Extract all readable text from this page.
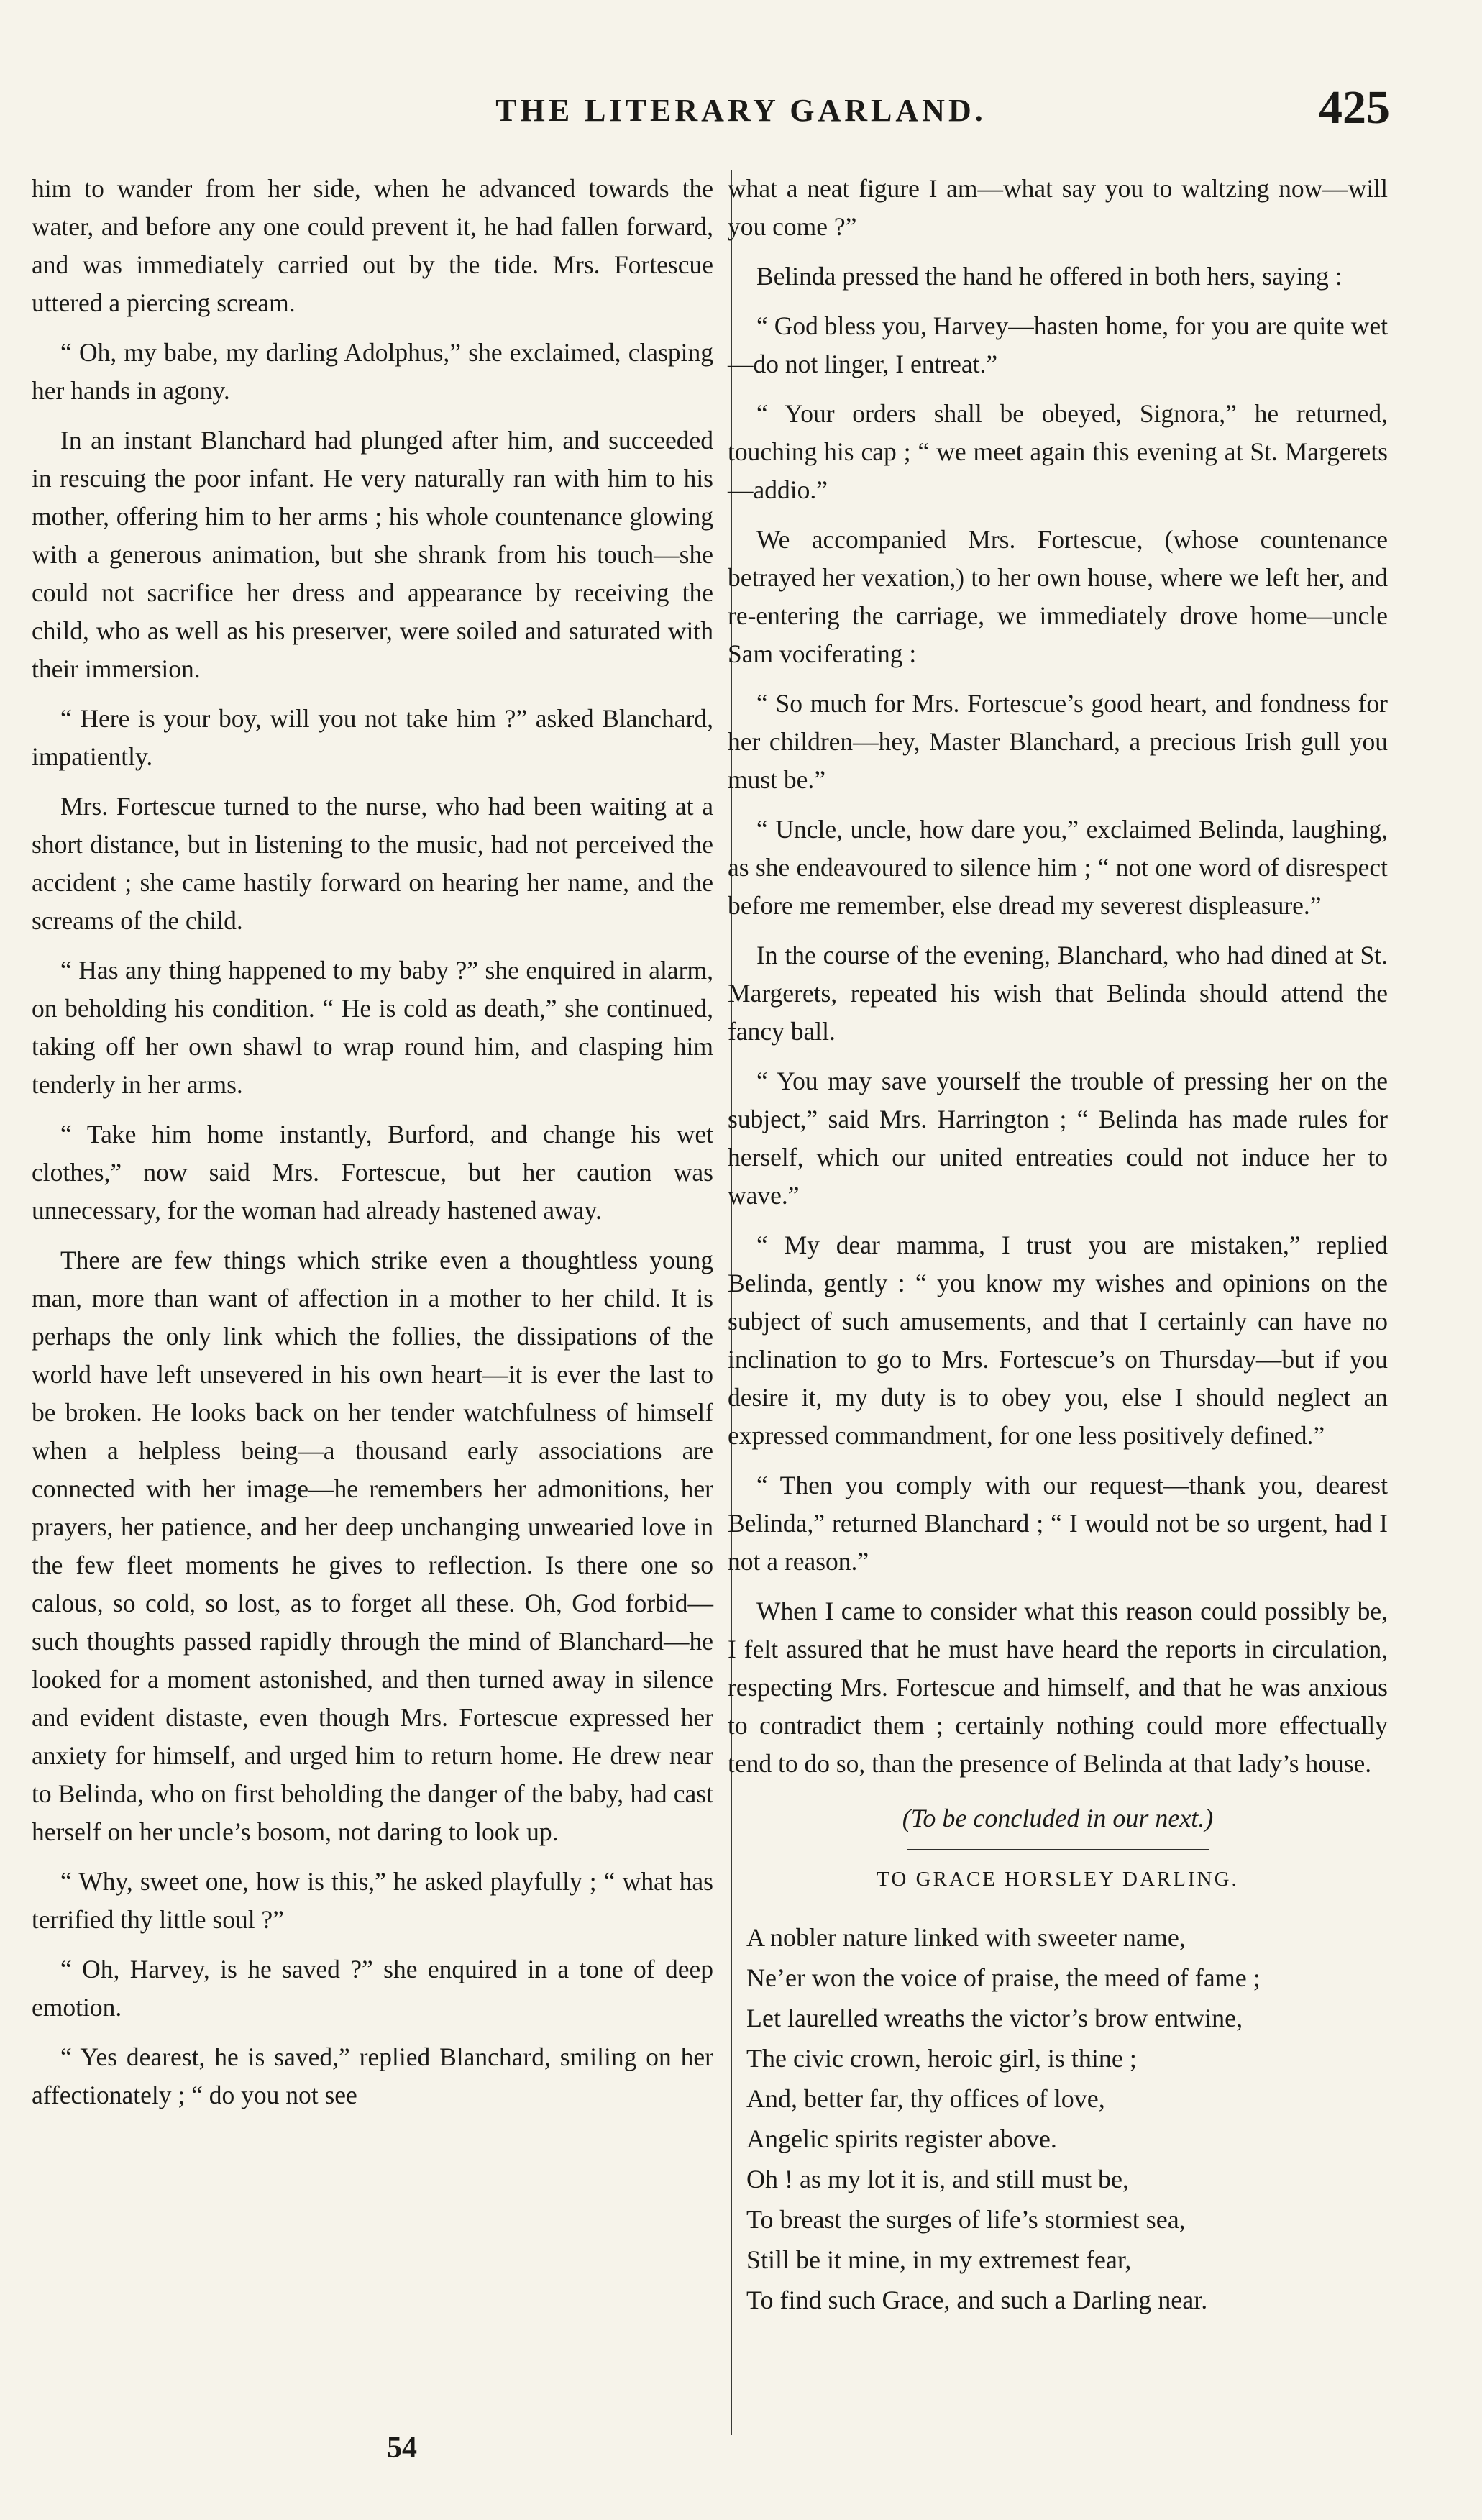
THE LITERARY GARLAND.	425

him to wander from her side, when he advanced towards the water, and before any one could prevent it, he had fallen forward, and was immediately carried out by the tide. Mrs. Fortescue uttered a piercing scream.

“ Oh, my babe, my darling Adolphus,” she exclaimed, clasping her hands in agony.

In an instant Blanchard had plunged after him, and succeeded in rescuing the poor infant. He very naturally ran with him to his mother, offering him to her arms ; his whole countenance glowing with a generous animation, but she shrank from his touch—she could not sacrifice her dress and appearance by receiving the child, who as well as his preserver, were soiled and saturated with their immersion.

“ Here is your boy, will you not take him ?” asked Blanchard, impatiently.

Mrs. Fortescue turned to the nurse, who had been waiting at a short distance, but in listening to the music, had not perceived the accident ; she came hastily forward on hearing her name, and the screams of the child.

“ Has any thing happened to my baby ?” she enquired in alarm, on beholding his condition. “ He is cold as death,” she continued, taking off her own shawl to wrap round him, and clasping him tenderly in her arms.

“ Take him home instantly, Burford, and change his wet clothes,” now said Mrs. Fortescue, but her caution was unnecessary, for the woman had already hastened away.

There are few things which strike even a thoughtless young man, more than want of affection in a mother to her child. It is perhaps the only link which the follies, the dissipations of the world have left unsevered in his own heart—it is ever the last to be broken. He looks back on her tender watchfulness of himself when a helpless being—a thousand early associations are connected with her image—he remembers her admonitions, her prayers, her patience, and her deep unchanging unwearied love in the few fleet moments he gives to reflection. Is there one so calous, so cold, so lost, as to forget all these. Oh, God forbid—such thoughts passed rapidly through the mind of Blanchard—he looked for a moment astonished, and then turned away in silence and evident distaste, even though Mrs. Fortescue expressed her anxiety for himself, and urged him to return home. He drew near to Belinda, who on first beholding the danger of the baby, had cast herself on her uncle’s bosom, not daring to look up.

“ Why, sweet one, how is this,” he asked playfully ; “ what has terrified thy little soul ?”

“ Oh, Harvey, is he saved ?” she enquired in a tone of deep emotion.

“ Yes dearest, he is saved,” replied Blanchard, smiling on her affectionately ; “ do you not see

what a neat figure I am—what say you to waltzing now—will you come ?”

Belinda pressed the hand he offered in both hers, saying :

“ God bless you, Harvey—hasten home, for you are quite wet—do not linger, I entreat.”

“ Your orders shall be obeyed, Signora,” he returned, touching his cap ; “ we meet again this evening at St. Margerets—addio.”

We accompanied Mrs. Fortescue, (whose countenance betrayed her vexation,) to her own house, where we left her, and re-entering the carriage, we immediately drove home—uncle Sam vociferating :

“ So much for Mrs. Fortescue’s good heart, and fondness for her children—hey, Master Blanchard, a precious Irish gull you must be.”

“ Uncle, uncle, how dare you,” exclaimed Belinda, laughing, as she endeavoured to silence him ; “ not one word of disrespect before me remember, else dread my severest displeasure.”

In the course of the evening, Blanchard, who had dined at St. Margerets, repeated his wish that Belinda should attend the fancy ball.

“ You may save yourself the trouble of pressing her on the subject,” said Mrs. Harrington ; “ Belinda has made rules for herself, which our united entreaties could not induce her to wave.”

“ My dear mamma, I trust you are mistaken,” replied Belinda, gently : “ you know my wishes and opinions on the subject of such amusements, and that I certainly can have no inclination to go to Mrs. Fortescue’s on Thursday—but if you desire it, my duty is to obey you, else I should neglect an expressed commandment, for one less positively defined.”

“ Then you comply with our request—thank you, dearest Belinda,” returned Blanchard ; “ I would not be so urgent, had I not a reason.”

When I came to consider what this reason could possibly be, I felt assured that he must have heard the reports in circulation, respecting Mrs. Fortescue and himself, and that he was anxious to contradict them ; certainly nothing could more effectually tend to do so, than the presence of Belinda at that lady’s house.

(To be concluded in our next.)
TO GRACE HORSLEY DARLING.
A nobler nature linked with sweeter name,
Ne’er won the voice of praise, the meed of fame ;
Let laurelled wreaths the victor’s brow entwine,
The civic crown, heroic girl, is thine ;
And, better far, thy offices of love,
Angelic spirits register above.
Oh ! as my lot it is, and still must be,
To breast the surges of life’s stormiest sea,
Still be it mine, in my extremest fear,
To find such Grace, and such a Darling near.
54
